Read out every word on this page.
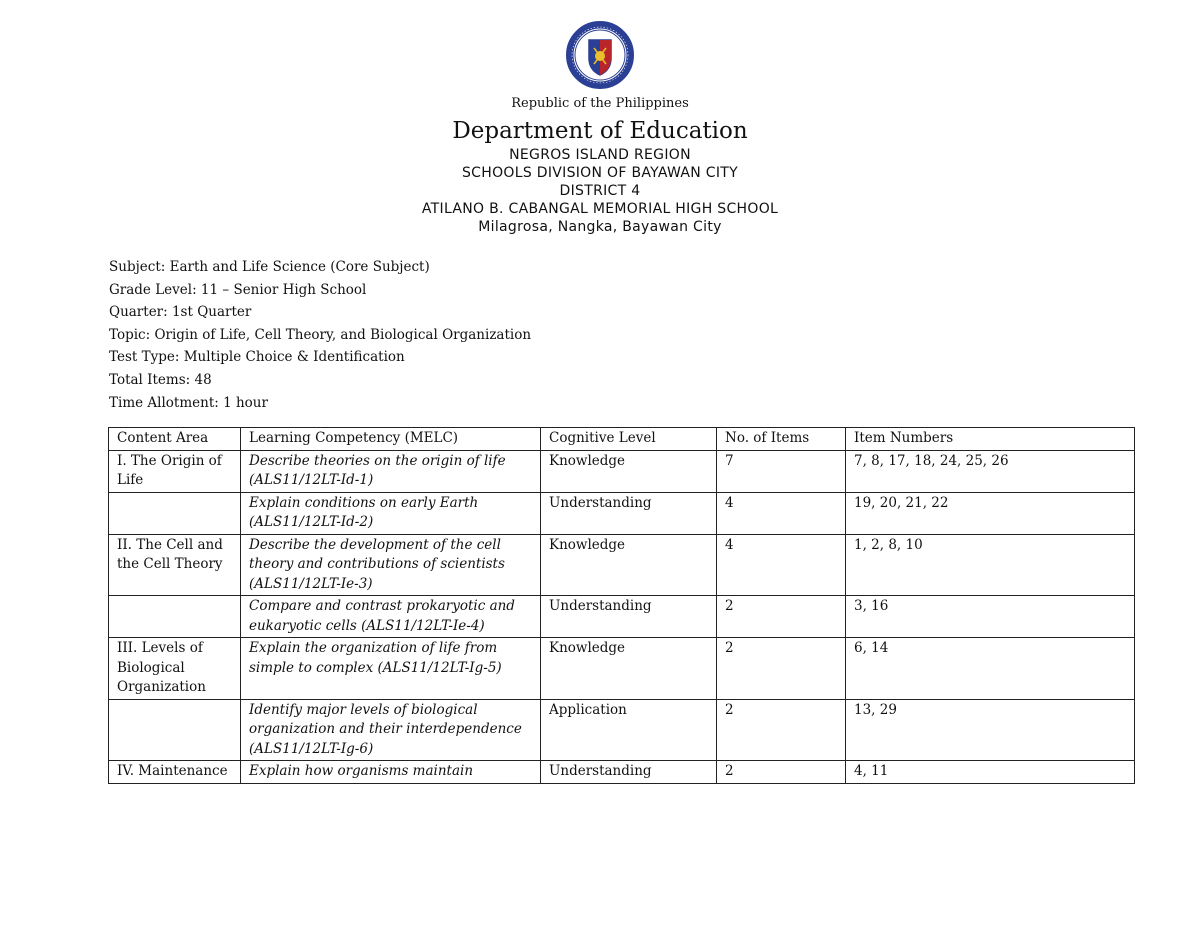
Republic of the Philippines
Department of Education
NEGROS ISLAND REGION
SCHOOLS DIVISION OF BAYAWAN CITY
DISTRICT 4
ATILANO B. CABANGAL MEMORIAL HIGH SCHOOL
Milagrosa, Nangka, Bayawan City
Subject: Earth and Life Science (Core Subject)
Grade Level: 11 – Senior High School
Quarter: 1st Quarter
Topic: Origin of Life, Cell Theory, and Biological Organization
Test Type: Multiple Choice & Identification
Total Items: 48
Time Allotment: 1 hour
Content Area	Learning Competency (MELC)	Cognitive Level	No. of Items	Item Numbers
I. The Origin of Life	Describe theories on the origin of life (ALS11/12LT-Id-1)	Knowledge	7	7, 8, 17, 18, 24, 25, 26
	Explain conditions on early Earth (ALS11/12LT-Id-2)	Understanding	4	19, 20, 21, 22
II. The Cell and the Cell Theory	Describe the development of the cell theory and contributions of scientists (ALS11/12LT-Ie-3)	Knowledge	4	1, 2, 8, 10
	Compare and contrast prokaryotic and eukaryotic cells (ALS11/12LT-Ie-4)	Understanding	2	3, 16
III. Levels of Biological Organization	Explain the organization of life from simple to complex (ALS11/12LT-Ig-5)	Knowledge	2	6, 14
	Identify major levels of biological organization and their interdependence (ALS11/12LT-Ig-6)	Application	2	13, 29
IV. Maintenance	Explain how organisms maintain	Understanding	2	4, 11
